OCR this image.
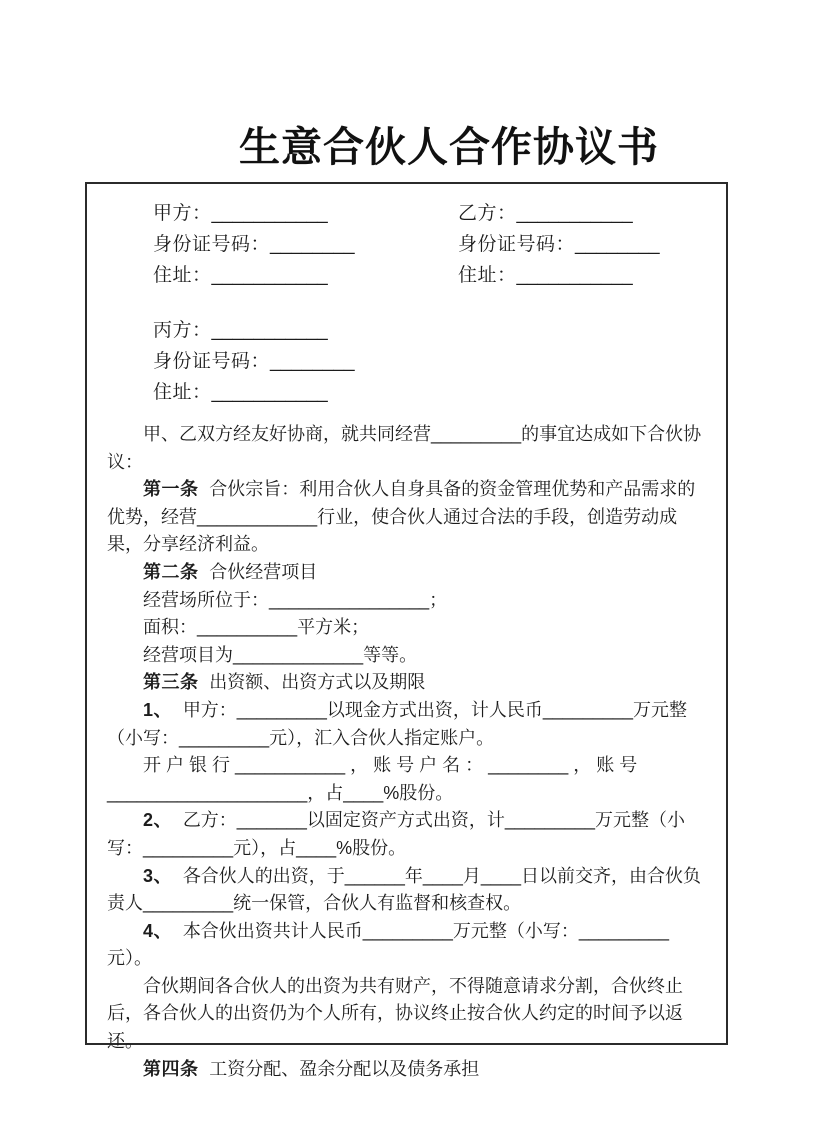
生意合伙人合作协议书
甲方：___________
身份证号码：________
住址：___________
乙方：___________
身份证号码：________
住址：___________
丙方：___________
身份证号码：________
住址：___________

甲、乙双方经友好协商，就共同经营_________的事宜达成如下合伙协议：

第一条 合伙宗旨：利用合伙人自身具备的资金管理优势和产品需求的优势，经营____________行业，使合伙人通过合法的手段，创造劳动成果，分享经济利益。

第二条 合伙经营项目

经营场所位于：________________；

面积：__________平方米；

经营项目为_____________等等。

第三条 出资额、出资方式以及期限

1、 甲方：_________以现金方式出资，计人民币_________万元整（小写：_________元），汇入合伙人指定账户。

开 户 银 行 ___________ ， 账 号 户 名 ： ________ ， 账 号

____________________，占____%股份。

2、 乙方：_______以固定资产方式出资，计_________万元整（小写：_________元），占____%股份。

3、 各合伙人的出资，于______年____月____日以前交齐，由合伙负责人_________统一保管，合伙人有监督和核查权。

4、 本合伙出资共计人民币_________万元整（小写：_________元）。

合伙期间各合伙人的出资为共有财产，不得随意请求分割，合伙终止后，各合伙人的出资仍为个人所有，协议终止按合伙人约定的时间予以返还。

第四条 工资分配、盈余分配以及债务承担
